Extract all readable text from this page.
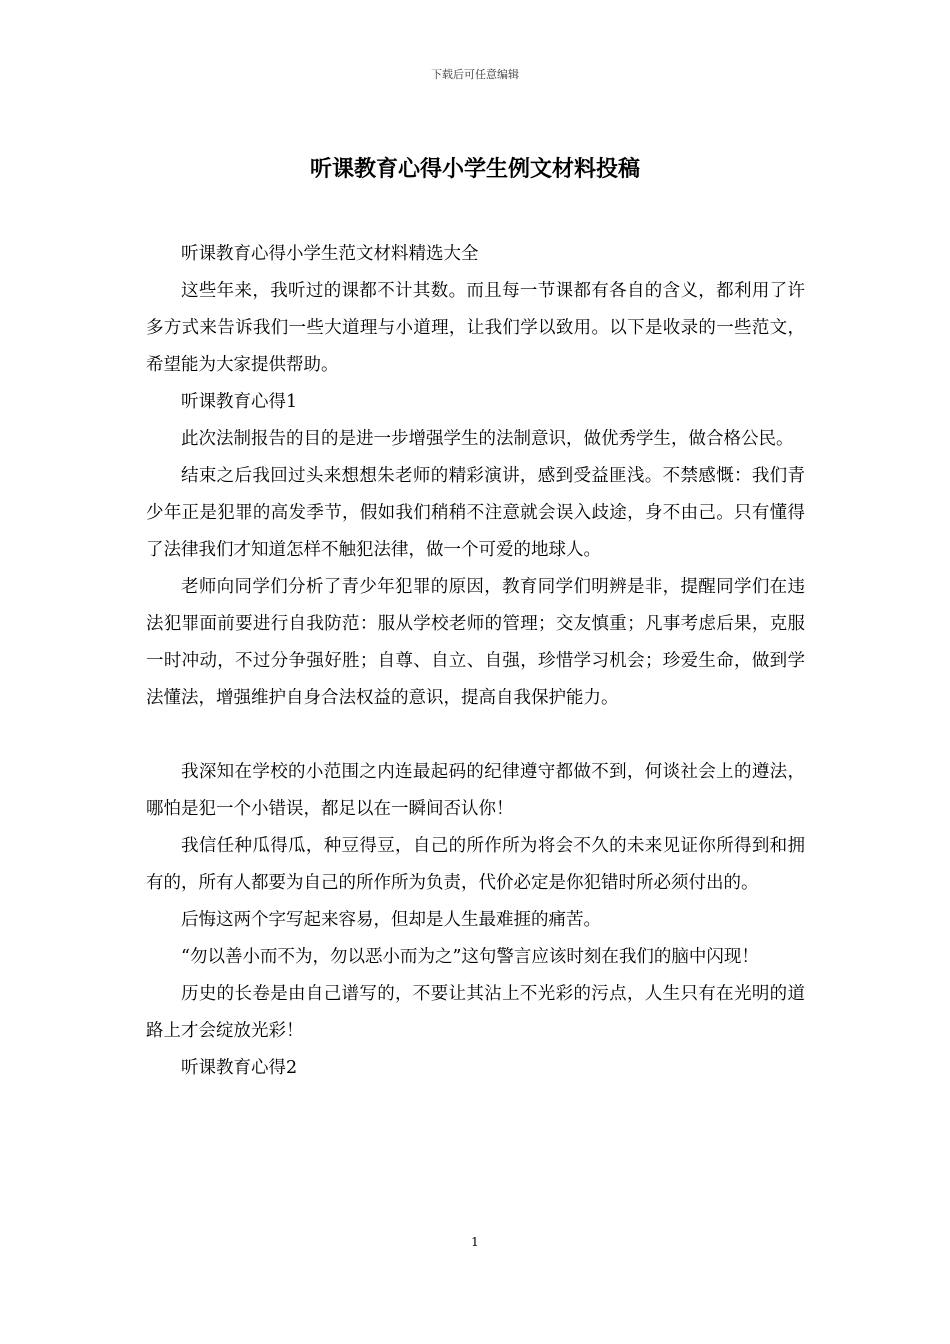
下载后可任意编辑
听课教育心得小学生例文材料投稿

听课教育心得小学生范文材料精选大全

这些年来，我听过的课都不计其数。而且每一节课都有各自的含义，都利用了许多方式来告诉我们一些大道理与小道理，让我们学以致用。以下是收录的一些范文，希望能为大家提供帮助。

听课教育心得1

此次法制报告的目的是进一步增强学生的法制意识，做优秀学生，做合格公民。

结束之后我回过头来想想朱老师的精彩演讲，感到受益匪浅。不禁感慨：我们青少年正是犯罪的高发季节，假如我们稍稍不注意就会误入歧途，身不由己。只有懂得了法律我们才知道怎样不触犯法律，做一个可爱的地球人。

老师向同学们分析了青少年犯罪的原因，教育同学们明辨是非，提醒同学们在违法犯罪面前要进行自我防范：服从学校老师的管理；交友慎重；凡事考虑后果，克服一时冲动，不过分争强好胜；自尊、自立、自强，珍惜学习机会；珍爱生命，做到学法懂法，增强维护自身合法权益的意识，提高自我保护能力。

我深知在学校的小范围之内连最起码的纪律遵守都做不到，何谈社会上的遵法，哪怕是犯一个小错误，都足以在一瞬间否认你！

我信任种瓜得瓜，种豆得豆，自己的所作所为将会不久的未来见证你所得到和拥有的，所有人都要为自己的所作所为负责，代价必定是你犯错时所必须付出的。

后悔这两个字写起来容易，但却是人生最难捱的痛苦。

“勿以善小而不为，勿以恶小而为之”这句警言应该时刻在我们的脑中闪现！

历史的长卷是由自己谱写的，不要让其沾上不光彩的污点，人生只有在光明的道路上才会绽放光彩！

听课教育心得2

1
